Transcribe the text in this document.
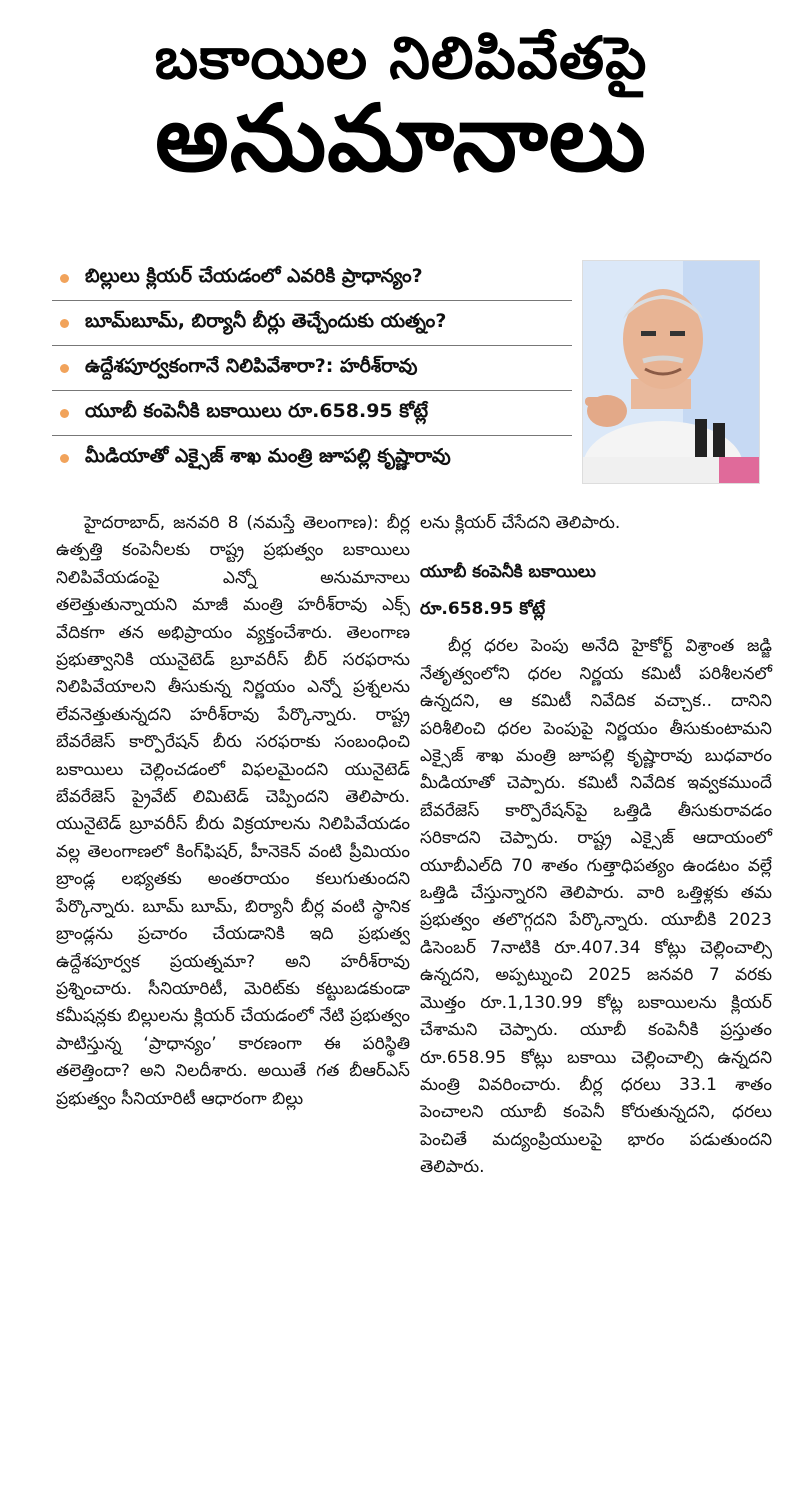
బకాయిల నిలిపివేతపై
అనుమానాలు
బిల్లులు క్లియర్ చేయడంలో ఎవరికి ప్రాధాన్యం?
బూమ్‌బూమ్, బిర్యానీ బీర్లు తెచ్చేందుకు యత్నం?
ఉద్దేశపూర్వకంగానే నిలిపివేశారా?: హరీశ్‌రావు
యూబీ కంపెనీకి బకాయిలు రూ.658.95 కోట్లే
మీడియాతో ఎక్సైజ్ శాఖ మంత్రి జూపల్లి కృష్ణారావు

హైదరాబాద్, జనవరి 8 (నమస్తే తెలంగాణ): బీర్ల ఉత్పత్తి కంపెనీలకు రాష్ట్ర ప్రభుత్వం బకాయిలు నిలిపివేయడంపై ఎన్నో అనుమానాలు తలెత్తుతున్నాయని మాజీ మంత్రి హరీశ్‌రావు ఎక్స్ వేదికగా తన అభిప్రాయం వ్యక్తంచేశారు. తెలంగాణ ప్రభుత్వానికి యునైటెడ్ బ్రూవరీస్ బీర్ సరఫరాను నిలిపివేయాలని తీసుకున్న నిర్ణయం ఎన్నో ప్రశ్నలను లేవనెత్తుతున్నదని హరీశ్‌రావు పేర్కొన్నారు. రాష్ట్ర బేవరేజెస్ కార్పొరేషన్ బీరు సరఫరాకు సంబంధించి బకాయిలు చెల్లించడంలో విఫలమైందని యునైటెడ్ బేవరేజెస్ ప్రైవేట్ లిమిటెడ్ చెప్పిందని తెలిపారు. యునైటెడ్ బ్రూవరీస్ బీరు విక్రయాలను నిలిపివేయడం వల్ల తెలంగాణలో కింగ్‌ఫిషర్, హీనెకెన్ వంటి ప్రీమియం బ్రాండ్ల లభ్యతకు అంతరాయం కలుగుతుందని పేర్కొన్నారు. బూమ్ బూమ్, బిర్యానీ బీర్ల వంటి స్థానిక బ్రాండ్లను ప్రచారం చేయడానికి ఇది ప్రభుత్వ ఉద్దేశపూర్వక ప్రయత్నమా? అని హరీశ్‌రావు ప్రశ్నించారు. సీనియారిటీ, మెరిట్‌కు కట్టుబడకుండా కమీషన్లకు బిల్లులను క్లియర్ చేయడంలో నేటి ప్రభుత్వం పాటిస్తున్న ‘ప్రాధాన్యం’ కారణంగా ఈ పరిస్థితి తలెత్తిందా? అని నిలదీశారు. అయితే గత బీఆర్‌ఎస్ ప్రభుత్వం సీనియారిటీ ఆధారంగా బిల్లు

లను క్లియర్ చేసేదని తెలిపారు.

యూబీ కంపెనీకి బకాయిలు
రూ.658.95 కోట్లే

బీర్ల ధరల పెంపు అనేది హైకోర్ట్ విశ్రాంత జడ్జి నేతృత్వంలోని ధరల నిర్ణయ కమిటీ పరిశీలనలో ఉన్నదని, ఆ కమిటీ నివేదిక వచ్చాక.. దానిని పరిశీలించి ధరల పెంపుపై నిర్ణయం తీసుకుంటామని ఎక్సైజ్ శాఖ మంత్రి జూపల్లి కృష్ణారావు బుధవారం మీడియాతో చెప్పారు. కమిటీ నివేదిక ఇవ్వకముందే బేవరేజెస్ కార్పొరేషన్‌పై ఒత్తిడి తీసుకురావడం సరికాదని చెప్పారు. రాష్ట్ర ఎక్సైజ్ ఆదాయంలో యూబీఎల్‌ది 70 శాతం గుత్తాధిపత్యం ఉండటం వల్లే ఒత్తిడి చేస్తున్నారని తెలిపారు. వారి ఒత్తిళ్లకు తమ ప్రభుత్వం తలొగ్గదని పేర్కొన్నారు. యూబీకి 2023 డిసెంబర్ 7నాటికి రూ.407.34 కోట్లు చెల్లించాల్సి ఉన్నదని, అప్పట్నుంచి 2025 జనవరి 7 వరకు మొత్తం రూ.1,130.99 కోట్ల బకాయిలను క్లియర్ చేశామని చెప్పారు. యూబీ కంపెనీకి ప్రస్తుతం రూ.658.95 కోట్లు బకాయి చెల్లించాల్సి ఉన్నదని మంత్రి వివరించారు. బీర్ల ధరలు 33.1 శాతం పెంచాలని యూబీ కంపెనీ కోరుతున్నదని, ధరలు పెంచితే మద్యంప్రియులపై భారం పడుతుందని తెలిపారు.
